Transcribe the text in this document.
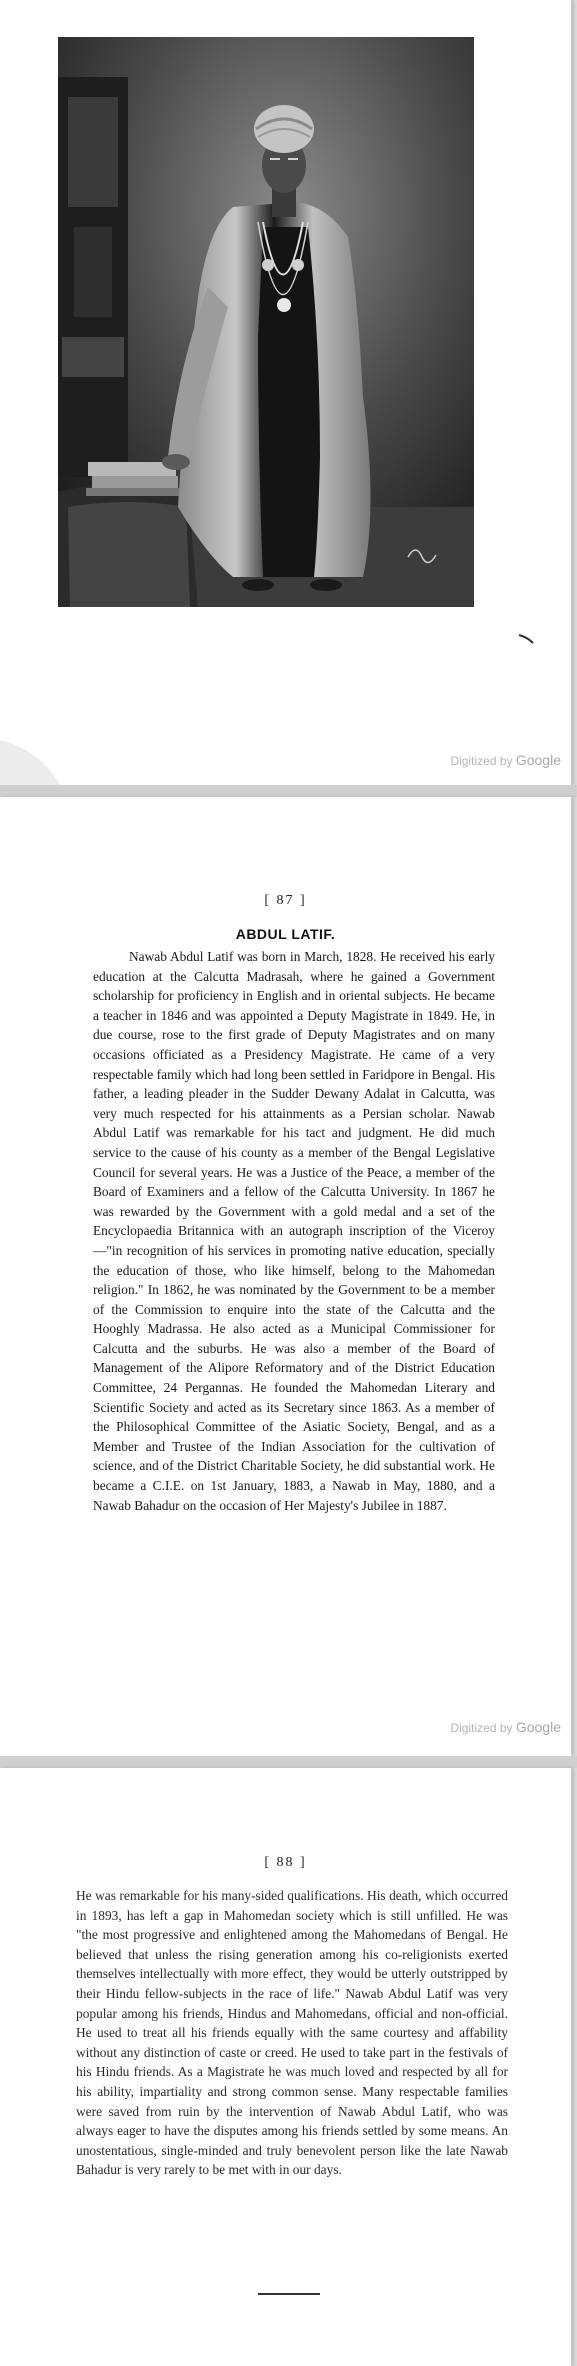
Digitized by Google
[ 87 ]
ABDUL LATIF.

Nawab Abdul Latif was born in March, 1828. He received his early education at the Calcutta Madrasah, where he gained a Government scholarship for proficiency in English and in oriental subjects. He became a teacher in 1846 and was appointed a Deputy Magistrate in 1849. He, in due course, rose to the first grade of Deputy Magistrates and on many occasions officiated as a Presidency Magistrate. He came of a very respectable family which had long been settled in Faridpore in Bengal. His father, a leading pleader in the Sudder Dewany Adalat in Calcutta, was very much respected for his attainments as a Persian scholar. Nawab Abdul Latif was remarkable for his tact and judgment. He did much service to the cause of his county as a member of the Bengal Legislative Council for several years. He was a Justice of the Peace, a member of the Board of Examiners and a fellow of the Calcutta University. In 1867 he was rewarded by the Government with a gold medal and a set of the Encyclopaedia Britannica with an autograph inscription of the Viceroy—"in recognition of his services in promoting native education, specially the education of those, who like himself, belong to the Mahomedan religion." In 1862, he was nominated by the Government to be a member of the Commission to enquire into the state of the Calcutta and the Hooghly Madrassa. He also acted as a Municipal Commissioner for Calcutta and the suburbs. He was also a member of the Board of Management of the Alipore Reformatory and of the District Education Committee, 24 Pergannas. He founded the Mahomedan Literary and Scientific Society and acted as its Secretary since 1863. As a member of the Philosophical Committee of the Asiatic Society, Bengal, and as a Member and Trustee of the Indian Association for the cultivation of science, and of the District Charitable Society, he did substantial work. He became a C.I.E. on 1st January, 1883, a Nawab in May, 1880, and a Nawab Bahadur on the occasion of Her Majesty's Jubilee in 1887.

Digitized by Google
[ 88 ]

He was remarkable for his many-sided qualifications. His death, which occurred in 1893, has left a gap in Mahomedan society which is still unfilled. He was "the most progressive and enlightened among the Mahomedans of Bengal. He believed that unless the rising generation among his co-religionists exerted themselves intellectually with more effect, they would be utterly outstripped by their Hindu fellow-subjects in the race of life." Nawab Abdul Latif was very popular among his friends, Hindus and Mahomedans, official and non-official. He used to treat all his friends equally with the same courtesy and affability without any distinction of caste or creed. He used to take part in the festivals of his Hindu friends. As a Magistrate he was much loved and respected by all for his ability, impartiality and strong common sense. Many respectable families were saved from ruin by the intervention of Nawab Abdul Latif, who was always eager to have the disputes among his friends settled by some means. An unostentatious, single-minded and truly benevolent person like the late Nawab Bahadur is very rarely to be met with in our days.
